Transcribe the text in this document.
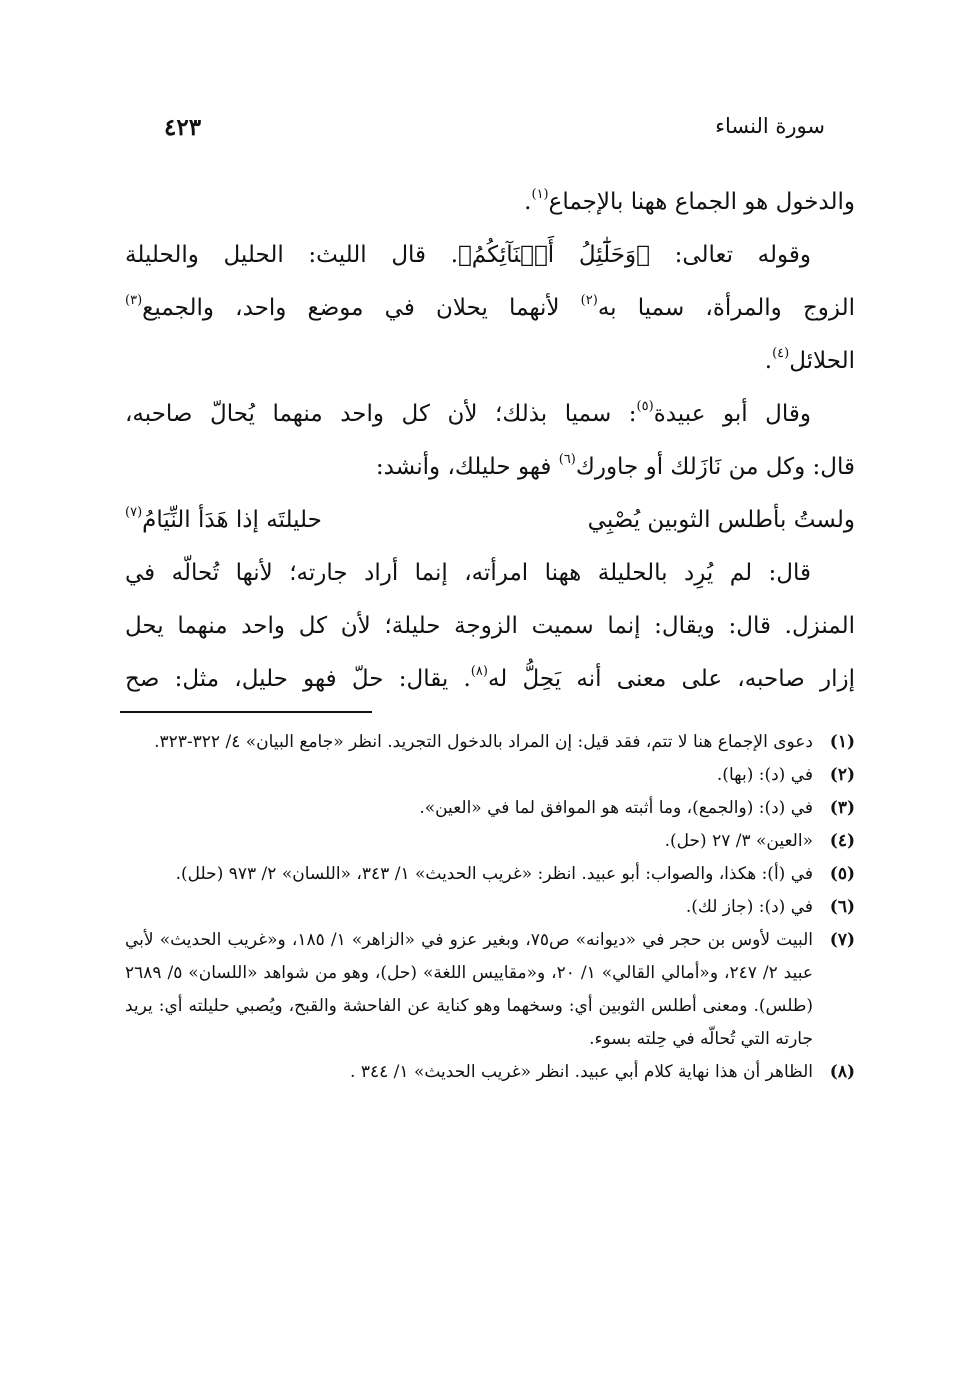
سورة النساء
٤٢٣
والدخول هو الجماع ههنا بالإجماع$^{(١)}$.
وقوله تعالى: ﴿وَحَلَٰٓئِلُ أَبۡنَآئِكُمُ﴾. قال الليث: الحليل والحليلة
الزوج والمرأة، سميا به$^{(٢)}$ لأنهما يحلان في موضع واحد، والجميع$^{(٣)}$
الحلائل$^{(٤)}$.
وقال أبو عبيدة$^{(٥)}$: سميا بذلك؛ لأن كل واحد منهما يُحالّ صاحبه،
قال: وكل من نَازَلك أو جاورك$^{(٦)}$ فهو حليلك، وأنشد:
ولستُ بأطلس الثوبين يُصْبِي
حليلتَه إذا هَدَأ النِّيَامُ$^{(٧)}$
قال: لم يُرِد بالحليلة ههنا امرأته، إنما أراد جارته؛ لأنها تُحالّه في
المنزل. قال: ويقال: إنما سميت الزوجة حليلة؛ لأن كل واحد منهما يحل
إزار صاحبه، على معنى أنه يَحِلُّ له$^{(٨)}$. يقال: حلّ فهو حليل، مثل: صح
(١)
دعوى الإجماع هنا لا تتم، فقد قيل: إن المراد بالدخول التجريد. انظر «جامع البيان» ٤/ ٣٢٢-٣٢٣.
(٢)
في (د): (بها).
(٣)
في (د): (والجمع)، وما أثبته هو الموافق لما في «العين».
(٤)
«العين» ٣/ ٢٧ (حل).
(٥)
في (أ): هكذا، والصواب: أبو عبيد. انظر: «غريب الحديث» ١/ ٣٤٣، «اللسان» ٢/ ٩٧٣ (حلل).
(٦)
في (د): (جاز لك).
(٧)
البيت لأوس بن حجر في «ديوانه» ص٧٥، وبغير عزو في «الزاهر» ١/ ١٨٥، و«غريب الحديث» لأبي عبيد ٢/ ٢٤٧، و«أمالي القالي» ١/ ٢٠، و«مقاييس اللغة» (حل)، وهو من شواهد «اللسان» ٥/ ٢٦٨٩ (طلس). ومعنى أطلس الثوبين أي: وسخهما وهو كناية عن الفاحشة والقبح، ويُصبي حليلته أي: يريد جارته التي تُحالّه في حِلته بسوء.
(٨)
الظاهر أن هذا نهاية كلام أبي عبيد. انظر «غريب الحديث» ١/ ٣٤٤ .
